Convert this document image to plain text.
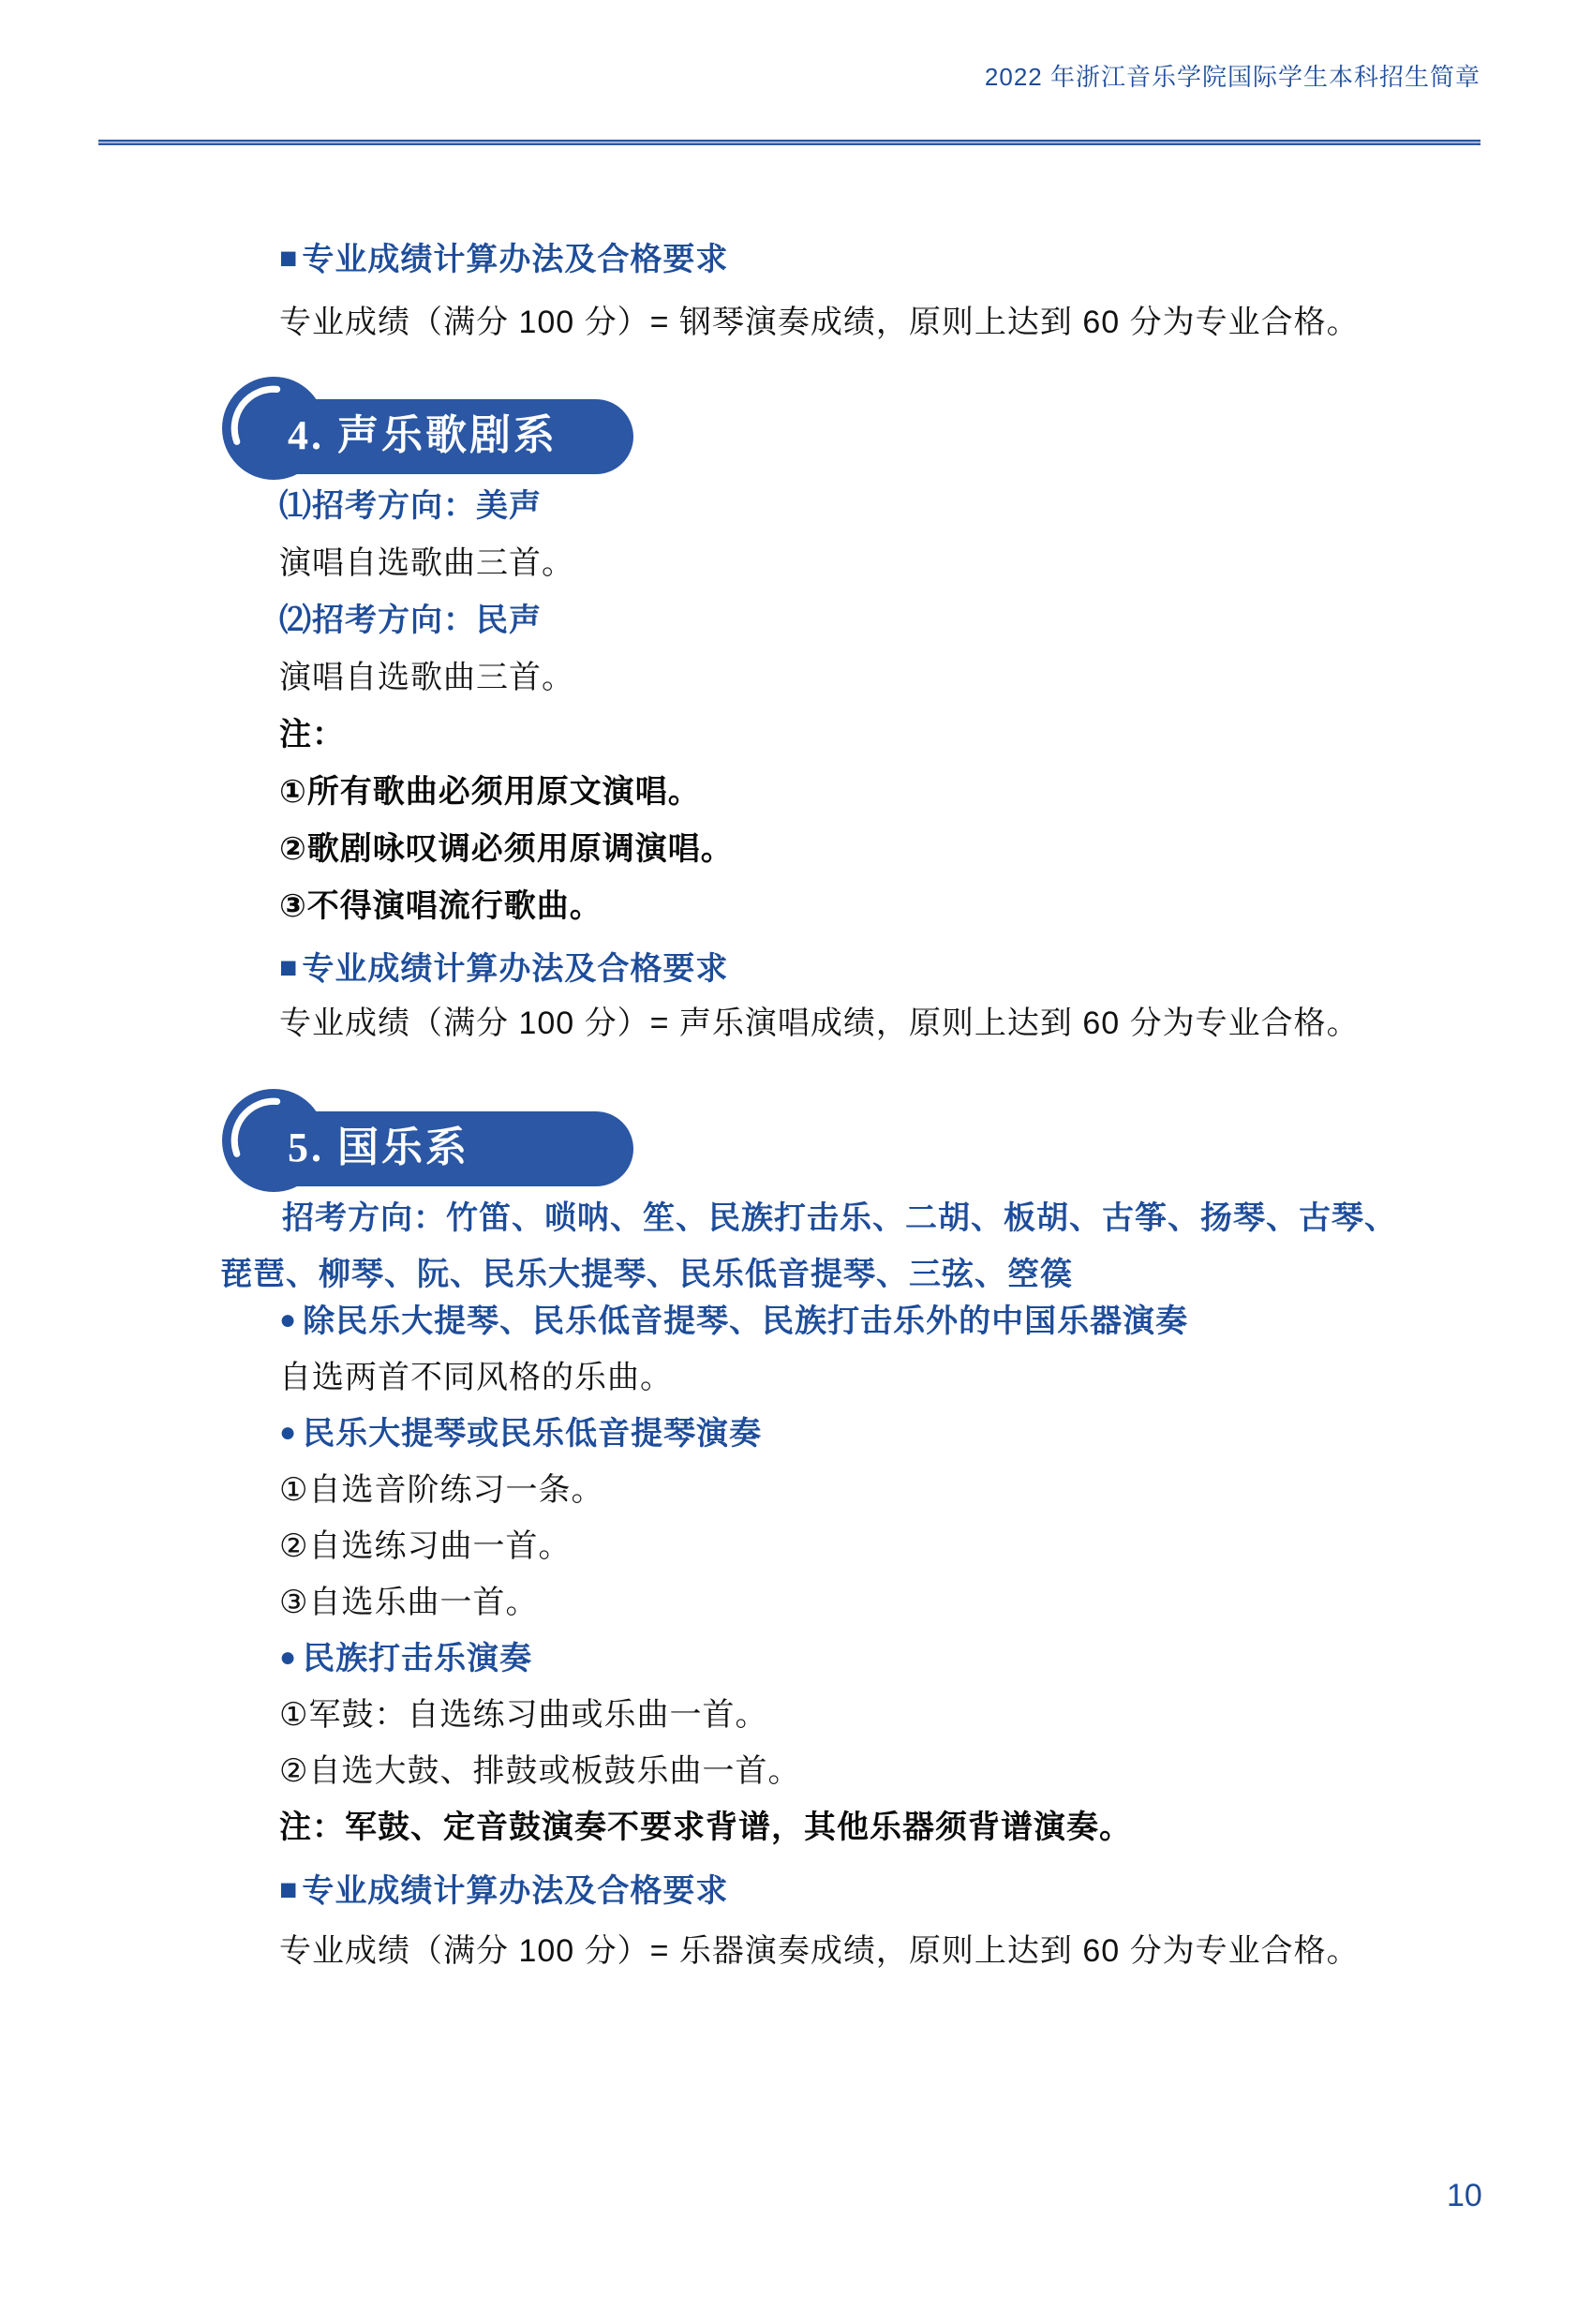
2022 年浙江音乐学院国际学生本科招生简章
■ 专业成绩计算办法及合格要求
专业成绩（满分 100 分）= 钢琴演奏成绩，原则上达到 60 分为专业合格。
4. 声乐歌剧系
⑴招考方向：美声
演唱自选歌曲三首。
⑵招考方向：民声
演唱自选歌曲三首。
注：
①所有歌曲必须用原文演唱。
②歌剧咏叹调必须用原调演唱。
③不得演唱流行歌曲。
■ 专业成绩计算办法及合格要求
专业成绩（满分 100 分）= 声乐演唱成绩，原则上达到 60 分为专业合格。
5. 国乐系
招考方向：竹笛、唢呐、笙、民族打击乐、二胡、板胡、古筝、扬琴、古琴、
琵琶、柳琴、阮、民乐大提琴、民乐低音提琴、三弦、箜篌
● 除民乐大提琴、民乐低音提琴、民族打击乐外的中国乐器演奏
自选两首不同风格的乐曲。
● 民乐大提琴或民乐低音提琴演奏
①自选音阶练习一条。
②自选练习曲一首。
③自选乐曲一首。
● 民族打击乐演奏
①军鼓：自选练习曲或乐曲一首。
②自选大鼓、排鼓或板鼓乐曲一首。
注：军鼓、定音鼓演奏不要求背谱，其他乐器须背谱演奏。
■ 专业成绩计算办法及合格要求
专业成绩（满分 100 分）= 乐器演奏成绩，原则上达到 60 分为专业合格。
10
